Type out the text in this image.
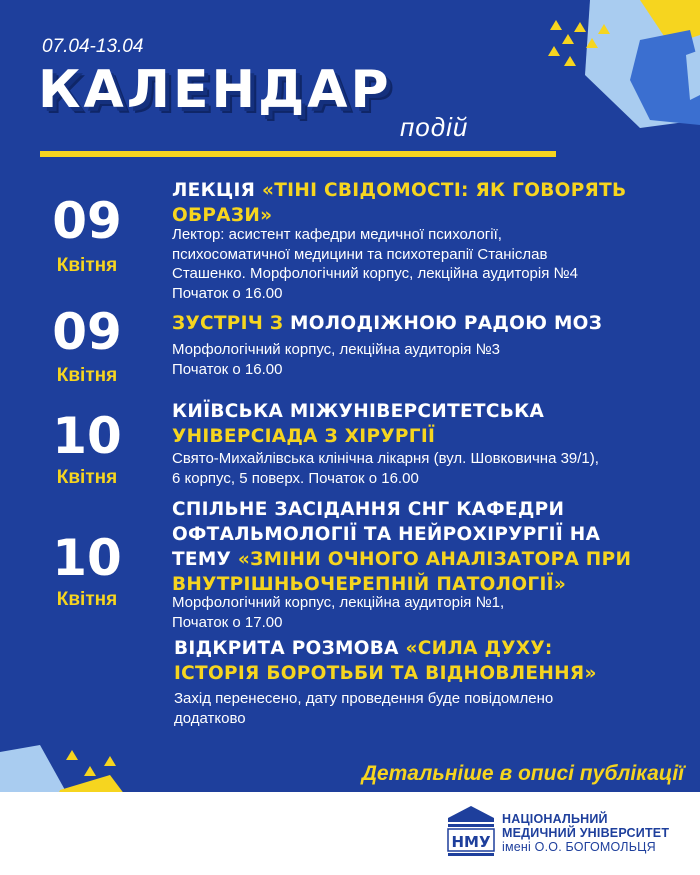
07.04-13.04
КАЛЕНДАР
подій
09
Квітня
ЛЕКЦІЯ «ТІНІ СВІДОМОСТІ: ЯК ГОВОРЯТЬ ОБРАЗИ»
Лектор: асистент кафедри медичної психології,
психосоматичної медицини та психотерапії Станіслав
Сташенко. Морфологічний корпус, лекційна аудиторія №4
Початок о 16.00
09
Квітня
ЗУСТРІЧ З МОЛОДІЖНОЮ РАДОЮ МОЗ
Морфологічний корпус, лекційна аудиторія №3
Початок о 16.00
10
Квітня
КИЇВСЬКА МІЖУНІВЕРСИТЕТСЬКА
УНІВЕРСІАДА З ХІРУРГІЇ
Свято-Михайлівська клінічна лікарня (вул. Шовковична 39/1),
6 корпус, 5 поверх. Початок о 16.00
10
Квітня
СПІЛЬНЕ ЗАСІДАННЯ СНГ КАФЕДРИ
ОФТАЛЬМОЛОГІЇ ТА НЕЙРОХІРУРГІЇ НА
ТЕМУ «ЗМІНИ ОЧНОГО АНАЛІЗАТОРА ПРИ
ВНУТРІШНЬОЧЕРЕПНІЙ ПАТОЛОГІЇ»
Морфологічний корпус, лекційна аудиторія №1,
Початок о 17.00
ВІДКРИТА РОЗМОВА «СИЛА ДУХУ:
ІСТОРІЯ БОРОТЬБИ ТА ВІДНОВЛЕННЯ»
Захід перенесено, дату проведення буде повідомлено
додатково
Детальніше в описі публікації
НМУ
НАЦІОНАЛЬНИЙ
МЕДИЧНИЙ УНІВЕРСИТЕТ
імені О.О. БОГОМОЛЬЦЯ
